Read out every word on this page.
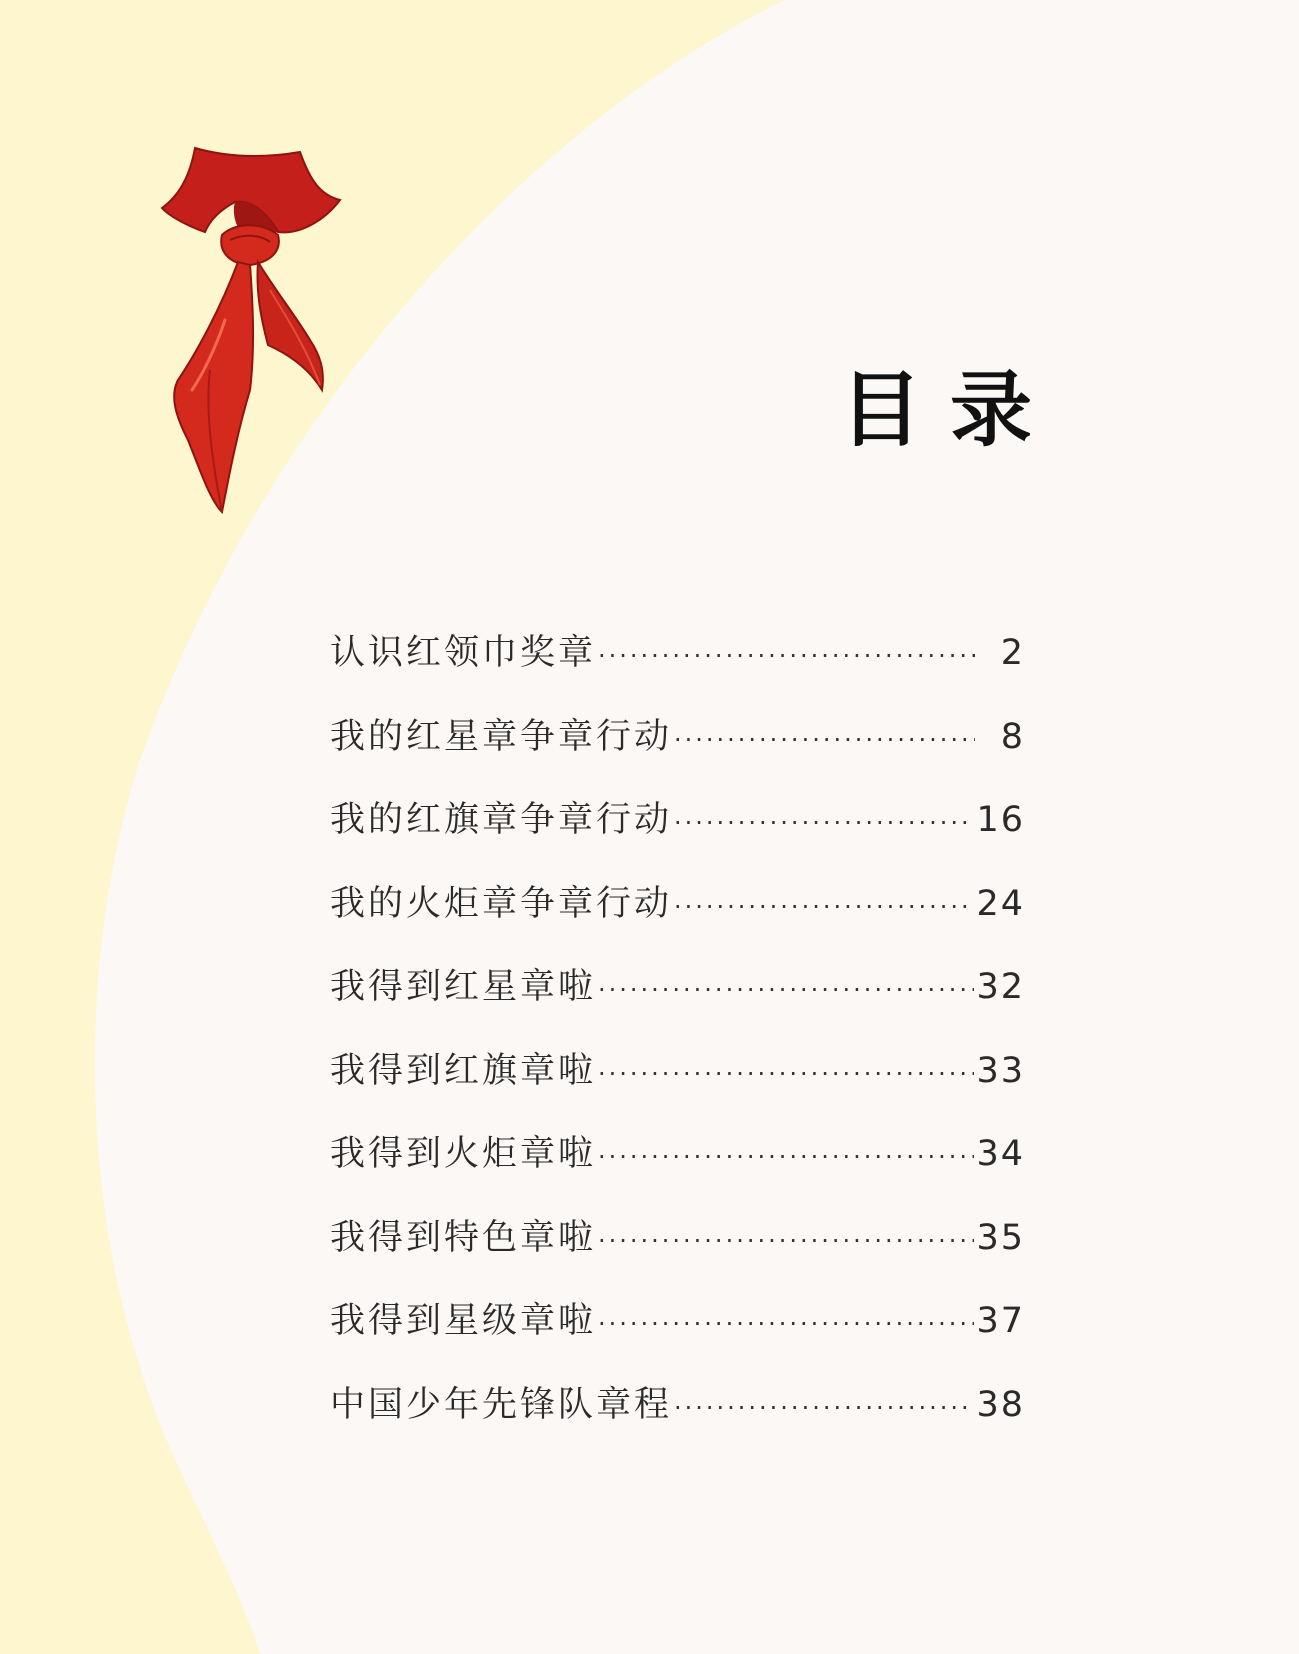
目录
认识红领巾奖章 ·····	2
我的红星章争章行动 ·····	8
我的红旗章争章行动 ·····	16
我的火炬章争章行动 ·····	24
我得到红星章啦 ·····	32
我得到红旗章啦 ·····	33
我得到火炬章啦 ·····	34
我得到特色章啦 ·····	35
我得到星级章啦 ·····	37
中国少年先锋队章程 ·····	38
